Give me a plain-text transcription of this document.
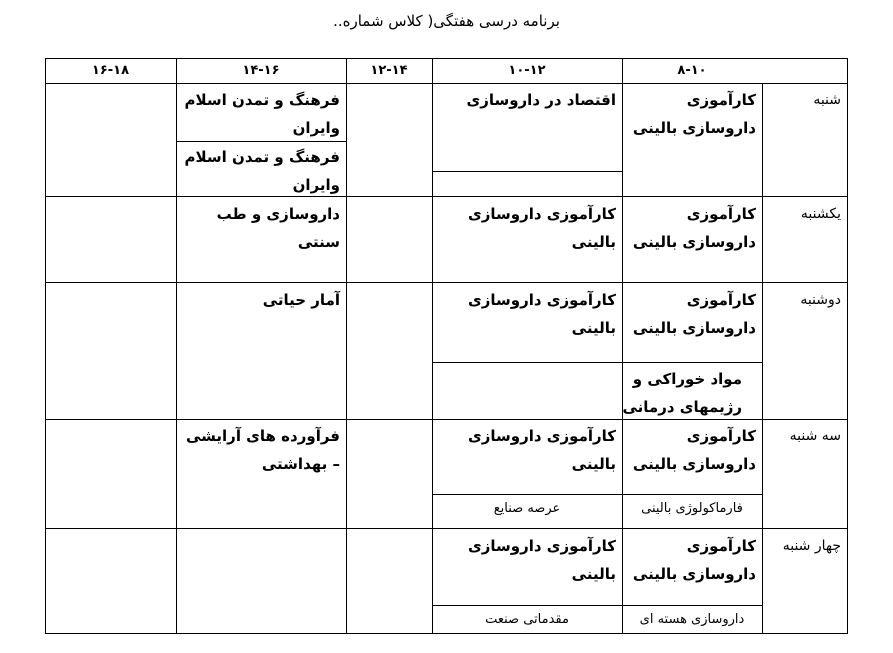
برنامه درسی هفتگی( کلاس شماره..
۸-۱۰
۱۰-۱۲
۱۲-۱۴
۱۴-۱۶
۱۶-۱۸
شنبه
یکشنبه
دوشنبه
سه شنبه
چهار شنبه
کارآموزی داروسازی بالینی
اقتصاد در داروسازی
فرهنگ و تمدن اسلام وایران
فرهنگ و تمدن اسلام وایران
کارآموزی داروسازی بالینی
کارآموزی داروسازی بالینی
داروسازی و طب سنتی
کارآموزی داروسازی بالینی
مواد خوراکی و رژیمهای درمانی
کارآموزی داروسازی بالینی
آمار حیاتی
کارآموزی داروسازی بالینی
فارماکولوژی بالینی
کارآموزی داروسازی بالینی
عرصه صنایع
فرآورده های آرایشی – بهداشتی
کارآموزی داروسازی بالینی
داروسازی هسته ای
کارآموزی داروسازی بالینی
مقدماتی صنعت
